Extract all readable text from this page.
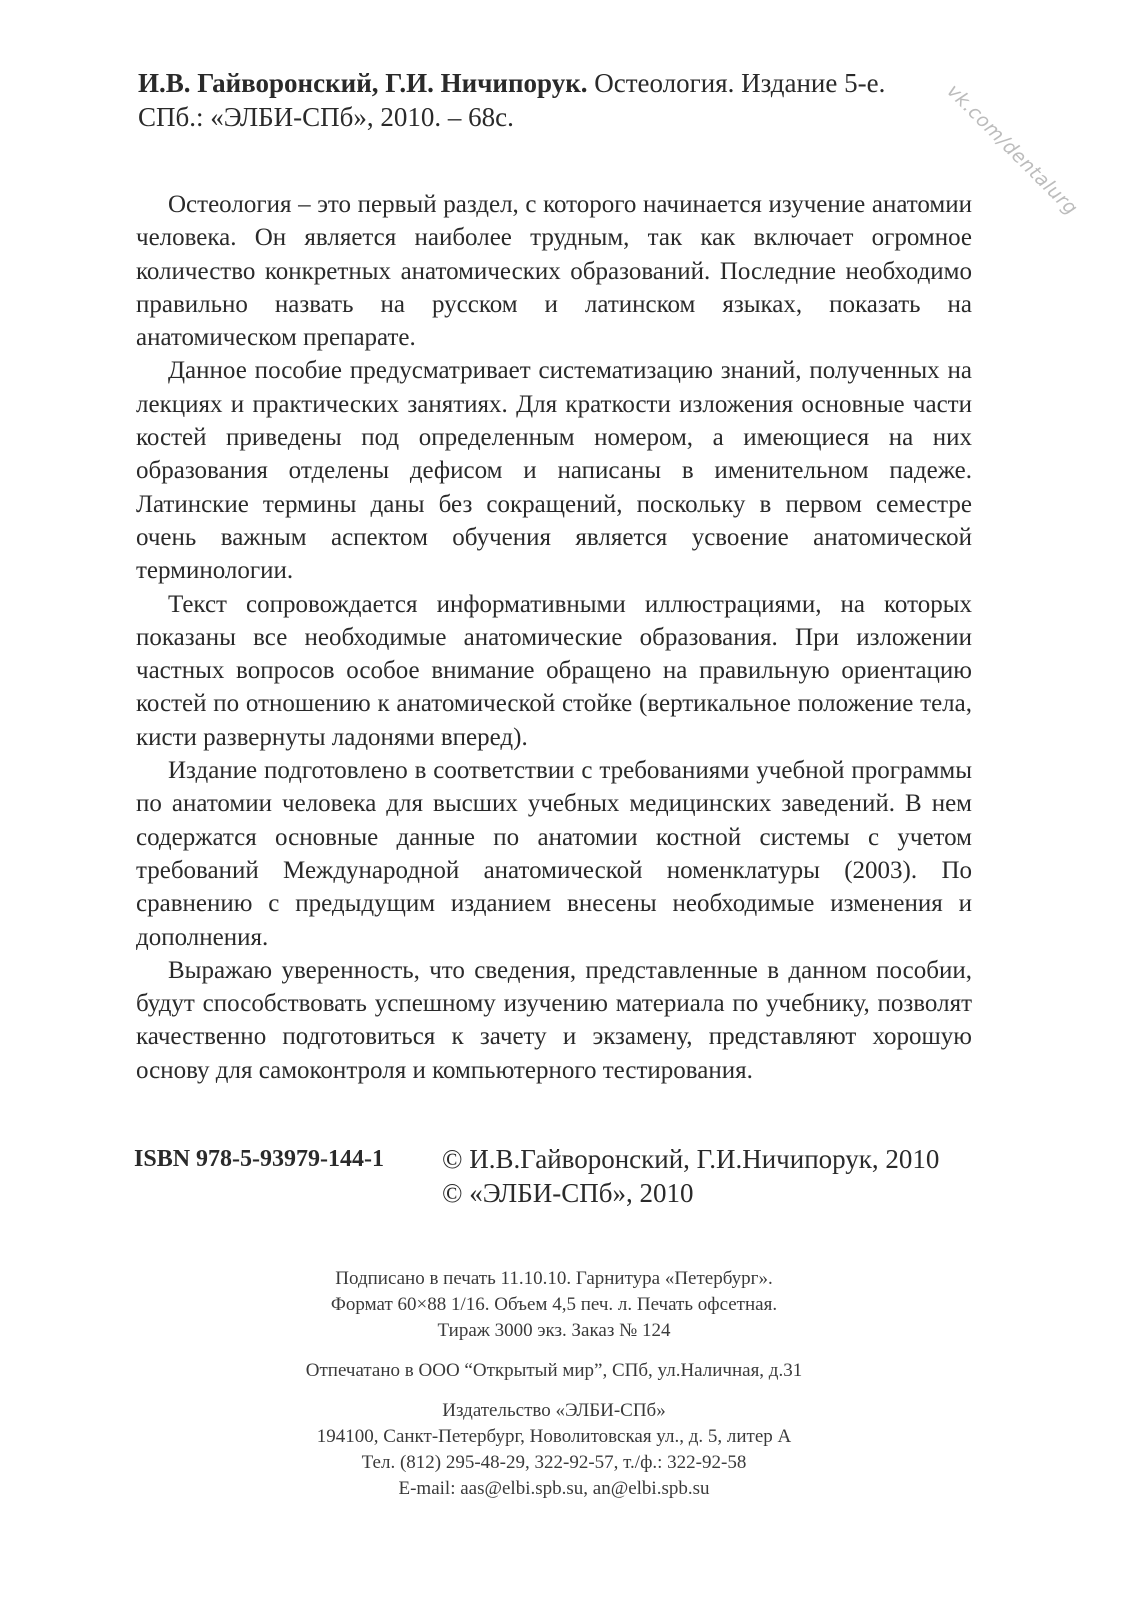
vk.com/dentalurg
И.В. Гайворонский, Г.И. Ничипорук. Остеология. Издание 5-е.
СПб.: «ЭЛБИ-СПб», 2010. – 68с.

Остеология – это первый раздел, с которого начинается изучение анатомии человека. Он является наиболее трудным, так как включает огромное количество конкретных анатомических образований. Последние необходимо правильно назвать на русском и латинском языках, показать на анатомическом препарате.

Данное пособие предусматривает систематизацию знаний, полученных на лекциях и практических занятиях. Для краткости изложения основные части костей приведены под определенным номером, а имеющиеся на них образования отделены дефисом и написаны в именительном падеже. Латинские термины даны без сокращений, поскольку в первом семестре очень важным аспектом обучения является усвоение анатомической терминологии.

Текст сопровождается информативными иллюстрациями, на которых показаны все необходимые анатомические образования. При изложении частных вопросов особое внимание обращено на правильную ориентацию костей по отношению к анатомической стойке (вертикальное положение тела, кисти развернуты ладонями вперед).

Издание подготовлено в соответствии с требованиями учебной программы по анатомии человека для высших учебных медицинских заведений. В нем содержатся основные данные по анатомии костной системы с учетом требований Международной анатомической номенклатуры (2003). По сравнению с предыдущим изданием внесены необходимые изменения и дополнения.

Выражаю уверенность, что сведения, представленные в данном пособии, будут способствовать успешному изучению материала по учебнику, позволят качественно подготовиться к зачету и экзамену, представляют хорошую основу для самоконтроля и компьютерного тестирования.

ISBN 978-5-93979-144-1 © И.В.Гайворонский, Г.И.Ничипорук, 2010
© «ЭЛБИ-СПб», 2010
Подписано в печать 11.10.10. Гарнитура «Петербург».
Формат 60×88 1/16. Объем 4,5 печ. л. Печать офсетная.
Тираж 3000 экз. Заказ № 124
Отпечатано в ООО “Открытый мир”, СПб, ул.Наличная, д.31
Издательство «ЭЛБИ-СПб»
194100, Санкт-Петербург, Новолитовская ул., д. 5, литер А
Тел. (812) 295-48-29, 322-92-57, т./ф.: 322-92-58
E-mail: aas@elbi.spb.su, an@elbi.spb.su
